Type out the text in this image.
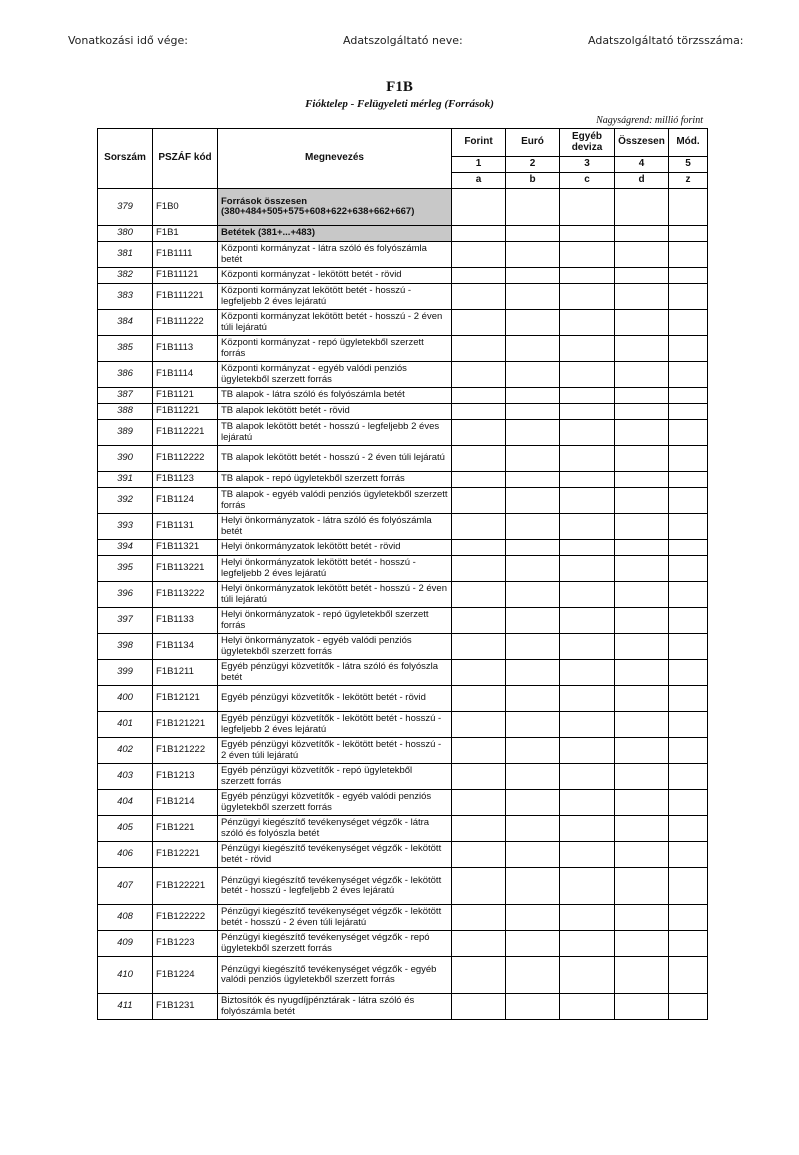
Vonatkozási idő vége:	Adatszolgáltató neve:	Adatszolgáltató törzsszáma:
F1B
Fióktelep - Felügyeleti mérleg (Források)
Nagyságrend: millió forint
Sorszám	PSZÁF kód	Megnevezés	Forint	Euró	Egyéb deviza	Összesen	Mód.
			1	2	3	4	5
			a	b	c	d	z
379	F1B0	Források összesen (380+484+505+575+608+622+638+662+667)					
380	F1B1	Betétek (381+...+483)					
381	F1B1111	Központi kormányzat - látra szóló és folyószámla betét					
382	F1B11121	Központi kormányzat - lekötött betét - rövid					
383	F1B111221	Központi kormányzat lekötött betét - hosszú - legfeljebb 2 éves lejáratú					
384	F1B111222	Központi kormányzat lekötött betét - hosszú - 2 éven túli lejáratú					
385	F1B1113	Központi kormányzat - repó ügyletekből szerzett forrás					
386	F1B1114	Központi kormányzat - egyéb valódi penziós ügyletekből szerzett forrás					
387	F1B1121	TB alapok - látra szóló és folyószámla betét					
388	F1B11221	TB alapok lekötött betét - rövid					
389	F1B112221	TB alapok lekötött betét - hosszú - legfeljebb 2 éves lejáratú					
390	F1B112222	TB alapok lekötött betét - hosszú - 2 éven túli lejáratú					
391	F1B1123	TB alapok - repó ügyletekből szerzett forrás					
392	F1B1124	TB alapok - egyéb valódi penziós ügyletekből szerzett forrás					
393	F1B1131	Helyi önkormányzatok - látra szóló és folyószámla betét					
394	F1B11321	Helyi önkormányzatok lekötött betét - rövid					
395	F1B113221	Helyi önkormányzatok lekötött betét - hosszú - legfeljebb 2 éves lejáratú					
396	F1B113222	Helyi önkormányzatok lekötött betét - hosszú - 2 éven túli lejáratú					
397	F1B1133	Helyi önkormányzatok - repó ügyletekből szerzett forrás					
398	F1B1134	Helyi önkormányzatok - egyéb valódi penziós ügyletekből szerzett forrás					
399	F1B1211	Egyéb pénzügyi közvetítők - látra szóló és folyószla betét					
400	F1B12121	Egyéb pénzügyi közvetítők - lekötött betét - rövid					
401	F1B121221	Egyéb pénzügyi közvetítők - lekötött betét - hosszú - legfeljebb 2 éves lejáratú					
402	F1B121222	Egyéb pénzügyi közvetítők - lekötött betét - hosszú - 2 éven túli lejáratú					
403	F1B1213	Egyéb pénzügyi közvetítők - repó ügyletekből szerzett forrás					
404	F1B1214	Egyéb pénzügyi közvetítők - egyéb valódi penziós ügyletekből szerzett forrás					
405	F1B1221	Pénzügyi kiegészítő tevékenységet végzők - látra szóló és folyószla betét					
406	F1B12221	Pénzügyi kiegészítő tevékenységet végzők - lekötött betét - rövid					
407	F1B122221	Pénzügyi kiegészítő tevékenységet végzők - lekötött betét - hosszú - legfeljebb 2 éves lejáratú					
408	F1B122222	Pénzügyi kiegészítő tevékenységet végzők - lekötött betét - hosszú - 2 éven túli lejáratú					
409	F1B1223	Pénzügyi kiegészítő tevékenységet végzők - repó ügyletekből szerzett forrás					
410	F1B1224	Pénzügyi kiegészítő tevékenységet végzők - egyéb valódi penziós ügyletekből szerzett forrás					
411	F1B1231	Biztosítók és nyugdíjpénztárak - látra szóló és folyószámla betét					
